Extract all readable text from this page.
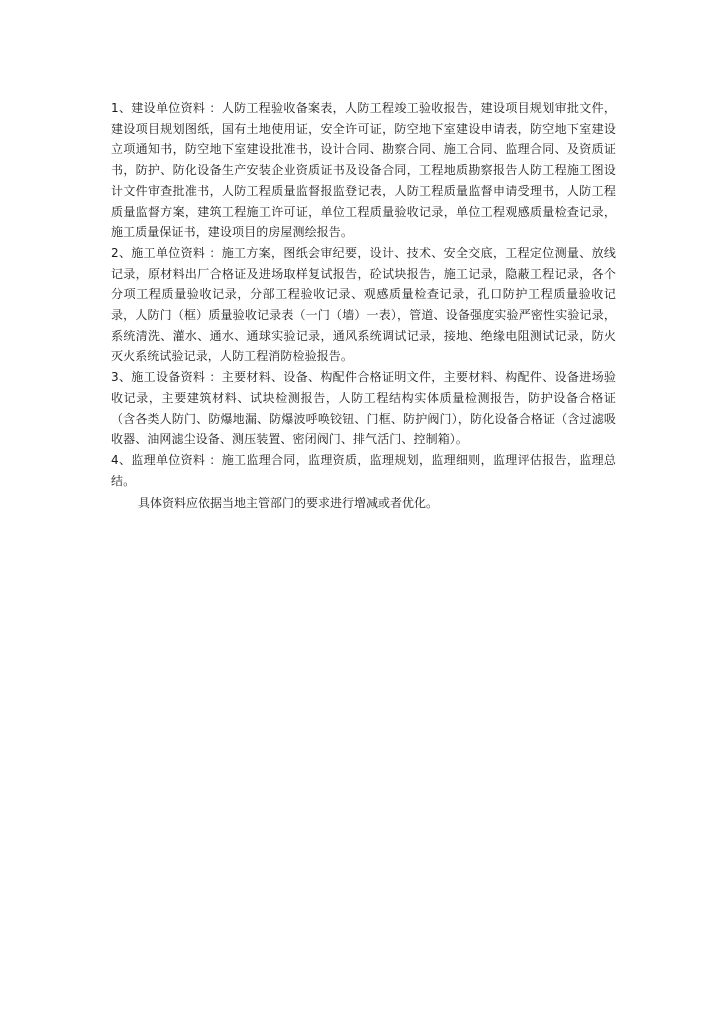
1、建设单位资料 ：人防工程验收备案表，人防工程竣工验收报告，建设项目规划审批文件，建设项目规划图纸，国有土地使用证，安全许可证，防空地下室建设申请表，防空地下室建设立项通知书，防空地下室建设批准书，设计合同、勘察合同、施工合同、监理合同、及资质证书，防护、防化设备生产安装企业资质证书及设备合同，工程地质勘察报告人防工程施工图设计文件审查批准书，人防工程质量监督报监登记表，人防工程质量监督申请受理书，人防工程质量监督方案，建筑工程施工许可证，单位工程质量验收记录，单位工程观感质量检查记录，施工质量保证书，建设项目的房屋测绘报告。

2、施工单位资料 ：施工方案，图纸会审纪要，设计、技术、安全交底，工程定位测量、放线记录，原材料出厂合格证及进场取样复试报告，砼试块报告，施工记录，隐蔽工程记录，各个分项工程质量验收记录，分部工程验收记录、观感质量检查记录，孔口防护工程质量验收记录，人防门（框）质量验收记录表（一门（墙）一表），管道、设备强度实验严密性实验记录，系统清洗、灌水、通水、通球实验记录，通风系统调试记录，接地、绝缘电阻测试记录，防火灭火系统试验记录，人防工程消防检验报告。

3、施工设备资料 ：主要材料、设备、构配件合格证明文件，主要材料、构配件、设备进场验收记录，主要建筑材料、试块检测报告，人防工程结构实体质量检测报告，防护设备合格证（含各类人防门、防爆地漏、防爆波呼唤铰钮、门框、防护阀门），防化设备合格证（含过滤吸收器、油网滤尘设备、测压装置、密闭阀门、排气活门、控制箱）。

4、监理单位资料 ：施工监理合同，监理资质，监理规划，监理细则，监理评估报告，监理总结。

具体资料应依据当地主管部门的要求进行增减或者优化。
